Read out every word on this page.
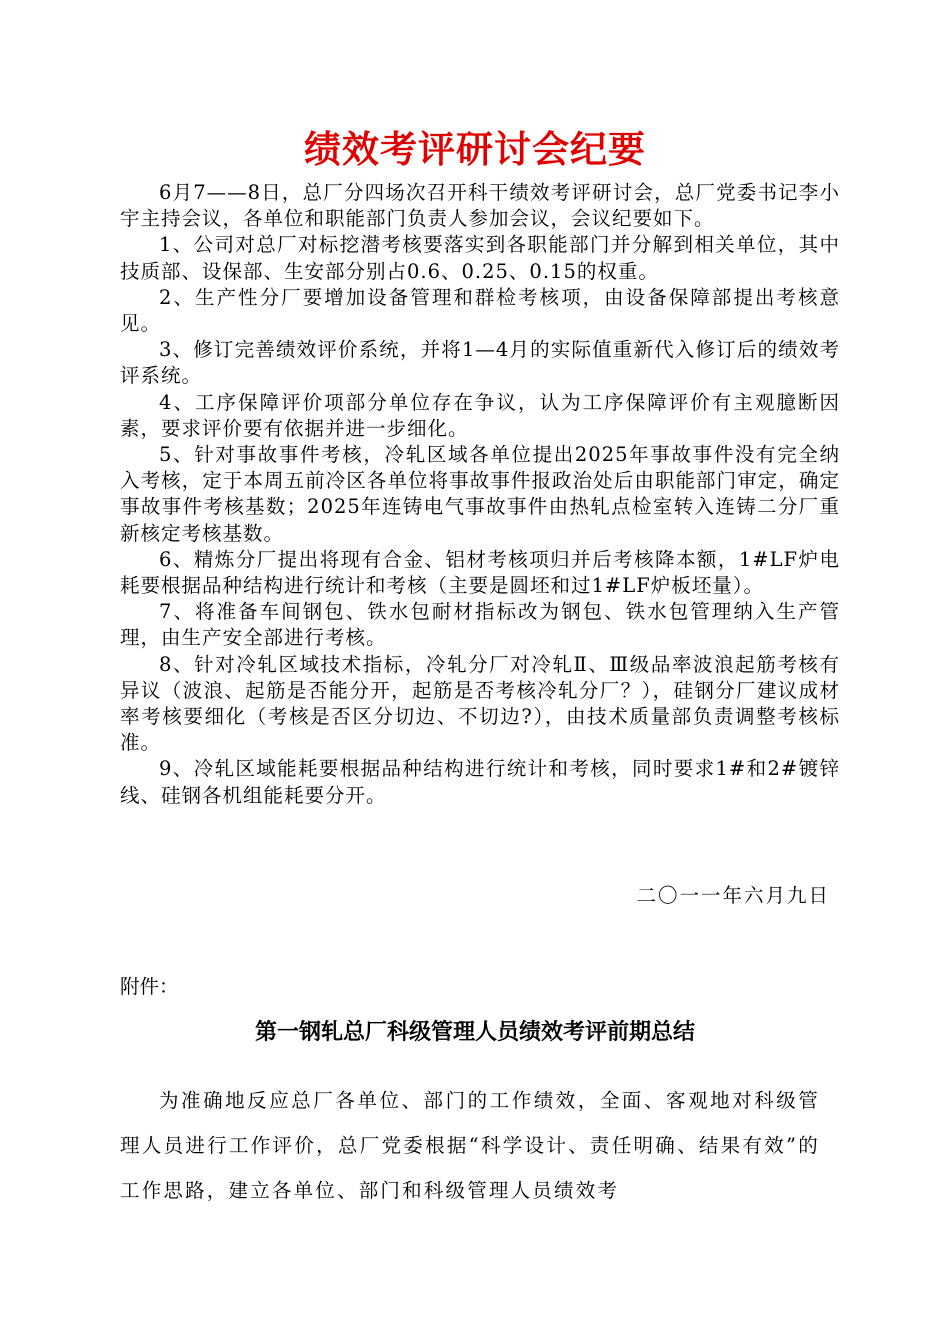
绩效考评研讨会纪要

6月7——8日，总厂分四场次召开科干绩效考评研讨会，总厂党委书记李小宇主持会议，各单位和职能部门负责人参加会议，会议纪要如下。

1、公司对总厂对标挖潜考核要落实到各职能部门并分解到相关单位，其中技质部、设保部、生安部分别占0.6、0.25、0.15的权重。

2、生产性分厂要增加设备管理和群检考核项，由设备保障部提出考核意见。

3、修订完善绩效评价系统，并将1—4月的实际值重新代入修订后的绩效考评系统。

4、工序保障评价项部分单位存在争议，认为工序保障评价有主观臆断因素，要求评价要有依据并进一步细化。

5、针对事故事件考核，冷轧区域各单位提出2025年事故事件没有完全纳入考核，定于本周五前冷区各单位将事故事件报政治处后由职能部门审定，确定事故事件考核基数；2025年连铸电气事故事件由热轧点检室转入连铸二分厂重新核定考核基数。

6、精炼分厂提出将现有合金、铝材考核项归并后考核降本额，1#LF炉电耗要根据品种结构进行统计和考核（主要是圆坯和过1#LF炉板坯量）。

7、将准备车间钢包、铁水包耐材指标改为钢包、铁水包管理纳入生产管理，由生产安全部进行考核。

8、针对冷轧区域技术指标，冷轧分厂对冷轧Ⅱ、Ⅲ级品率波浪起筋考核有异议（波浪、起筋是否能分开，起筋是否考核冷轧分厂？），硅钢分厂建议成材率考核要细化（考核是否区分切边、不切边?），由技术质量部负责调整考核标准。

9、冷轧区域能耗要根据品种结构进行统计和考核，同时要求1#和2#镀锌线、硅钢各机组能耗要分开。

二〇一一年六月九日
附件：
第一钢轧总厂科级管理人员绩效考评前期总结

为准确地反应总厂各单位、部门的工作绩效，全面、客观地对科级管理人员进行工作评价，总厂党委根据“科学设计、责任明确、结果有效”的工作思路，建立各单位、部门和科级管理人员绩效考
